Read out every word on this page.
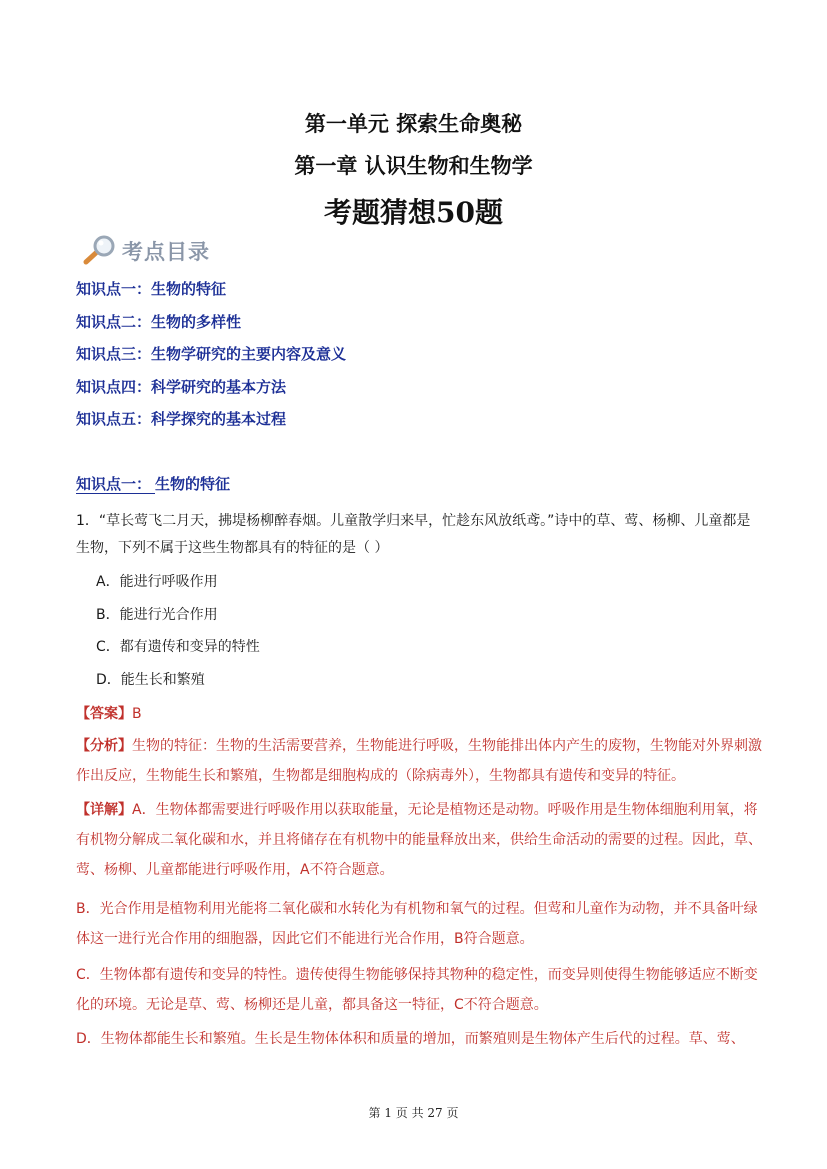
第一单元 探索生命奥秘
第一章 认识生物和生物学
考题猜想50题
考点目录
知识点一：生物的特征
知识点二：生物的多样性
知识点三：生物学研究的主要内容及意义
知识点四：科学研究的基本方法
知识点五：科学探究的基本过程
知识点一： 生物的特征

1．“草长莺飞二月天，拂堤杨柳醉春烟。儿童散学归来早，忙趁东风放纸鸢。”诗中的草、莺、杨柳、儿童都是生物，下列不属于这些生物都具有的特征的是（ ）

A．能进行呼吸作用
B．能进行光合作用
C．都有遗传和变异的特性
D．能生长和繁殖

【答案】B

【分析】生物的特征：生物的生活需要营养，生物能进行呼吸，生物能排出体内产生的废物，生物能对外界刺激作出反应，生物能生长和繁殖，生物都是细胞构成的（除病毒外），生物都具有遗传和变异的特征。

【详解】A．生物体都需要进行呼吸作用以获取能量，无论是植物还是动物。呼吸作用是生物体细胞利用氧，将有机物分解成二氧化碳和水，并且将储存在有机物中的能量释放出来，供给生命活动的需要的过程。因此，草、莺、杨柳、儿童都能进行呼吸作用，A不符合题意。

B．光合作用是植物利用光能将二氧化碳和水转化为有机物和氧气的过程。但莺和儿童作为动物，并不具备叶绿体这一进行光合作用的细胞器，因此它们不能进行光合作用，B符合题意。

C．生物体都有遗传和变异的特性。遗传使得生物能够保持其物种的稳定性，而变异则使得生物能够适应不断变化的环境。无论是草、莺、杨柳还是儿童，都具备这一特征，C不符合题意。

D．生物体都能生长和繁殖。生长是生物体体积和质量的增加，而繁殖则是生物体产生后代的过程。草、莺、

第 1 页 共 27 页
